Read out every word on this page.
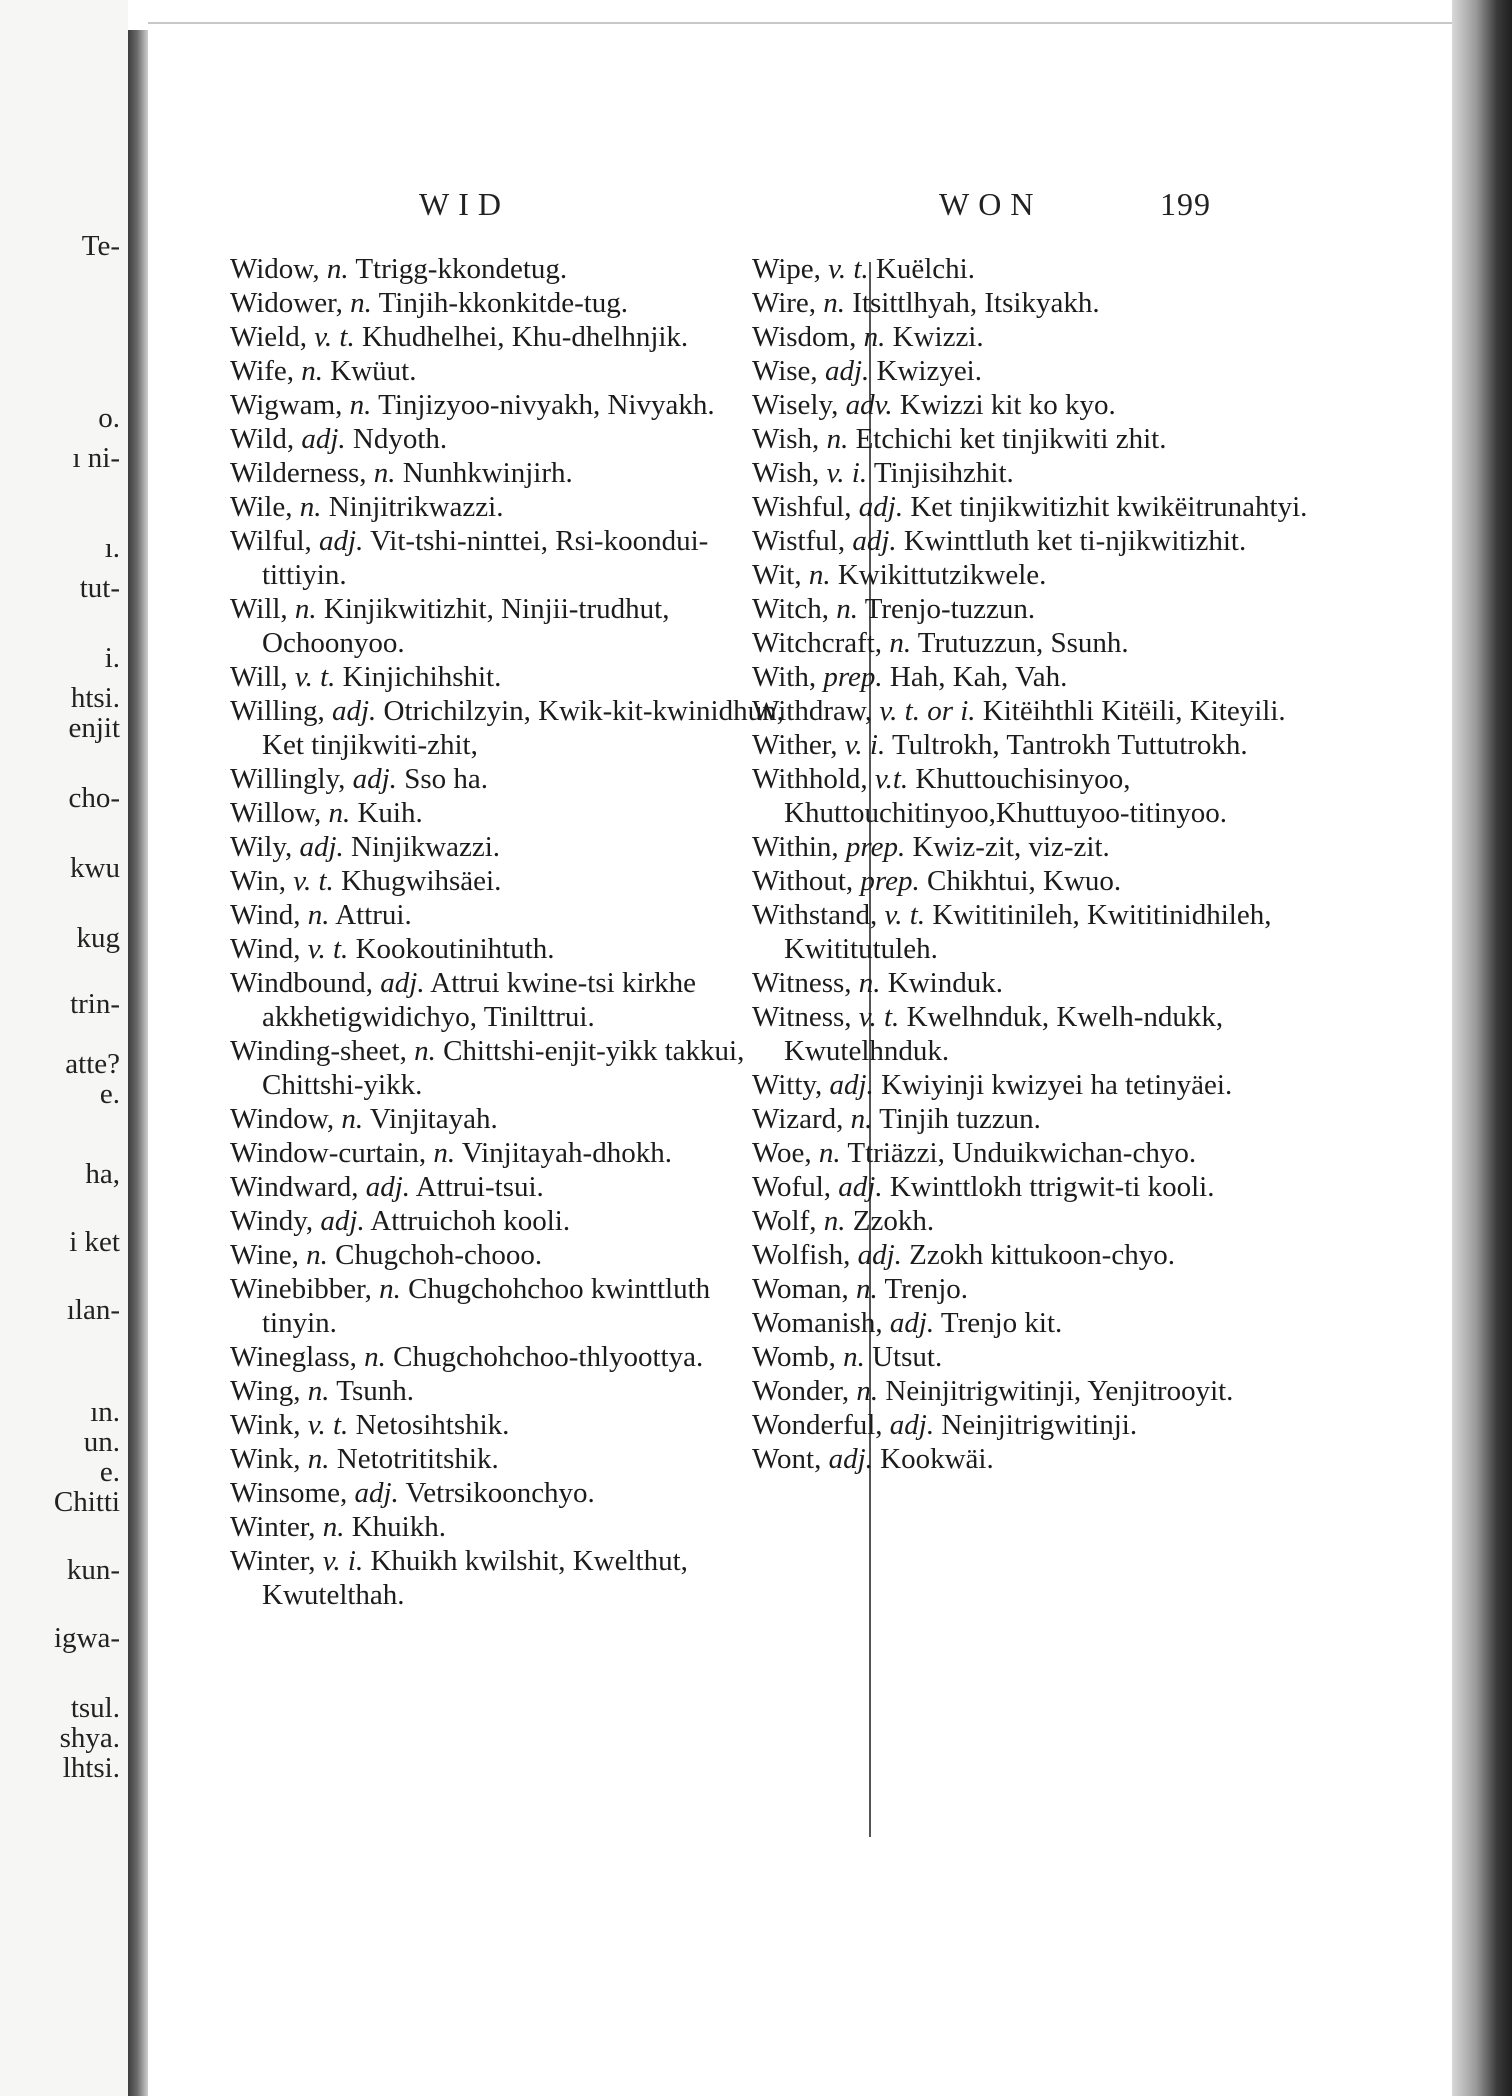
Te-
o.
ı ni-
ı.
tut-
i.
htsi.
enjit
cho-
kwu
kug
trin-
atte?
e.
ha,
i ket
ılan-
ın.
un.
e.
Chitti
kun-
igwa-
tsul.
shya.
lhtsi.
WID	WON	199

Widow, n. Ttrigg-kkondetug.

Widower, n. Tinjih-kkonkitde-tug.

Wield, v. t. Khudhelhei, Khu-dhelhnjik.

Wife, n. Kwüut.

Wigwam, n. Tinjizyoo-nivyakh, Nivyakh.

Wild, adj. Ndyoth.

Wilderness, n. Nunhkwinjirh.

Wile, n. Ninjitrikwazzi.

Wilful, adj. Vit-tshi-ninttei, Rsi-koondui-tittiyin.

Will, n. Kinjikwitizhit, Ninjii-trudhut, Ochoonyoo.

Will, v. t. Kinjichihshit.

Willing, adj. Otrichilzyin, Kwik-kit-kwinidhun, Ket tinjikwiti-zhit,

Willingly, adj. Sso ha.

Willow, n. Kuih.

Wily, adj. Ninjikwazzi.

Win, v. t. Khugwihsäei.

Wind, n. Attrui.

Wind, v. t. Kookoutinihtuth.

Windbound, adj. Attrui kwine-tsi kirkhe akkhetigwidichyo, Tinilttrui.

Winding-sheet, n. Chittshi-enjit-yikk takkui, Chittshi-yikk.

Window, n. Vinjitayah.

Window-curtain, n. Vinjitayah-dhokh.

Windward, adj. Attrui-tsui.

Windy, adj. Attruichoh kooli.

Wine, n. Chugchoh-chooo.

Winebibber, n. Chugchohchoo kwinttluth tinyin.

Wineglass, n. Chugchohchoo-thlyoottya.

Wing, n. Tsunh.

Wink, v. t. Netosihtshik.

Wink, n. Netotrititshik.

Winsome, adj. Vetrsikoonchyo.

Winter, n. Khuikh.

Winter, v. i. Khuikh kwilshit, Kwelthut, Kwutelthah.

Wipe, v. t. Kuëlchi.

Wire, n. Itsittlhyah, Itsikyakh.

Wisdom, n. Kwizzi.

Wise, adj. Kwizyei.

Wisely, adv. Kwizzi kit ko kyo.

Wish, n. Etchichi ket tinjikwiti zhit.

Wish, v. i. Tinjisihzhit.

Wishful, adj. Ket tinjikwitizhit kwikëitrunahtyi.

Wistful, adj. Kwinttluth ket ti-njikwitizhit.

Wit, n. Kwikittutzikwele.

Witch, n. Trenjo-tuzzun.

Witchcraft, n. Trutuzzun, Ssunh.

With, prep. Hah, Kah, Vah.

Withdraw, v. t. or i. Kitëihthli Kitëili, Kiteyili.

Wither, v. i. Tultrokh, Tantrokh Tuttutrokh.

Withhold, v.t. Khuttouchisinyoo, Khuttouchitinyoo,Khuttuyoo-titinyoo.

Within, prep. Kwiz-zit, viz-zit.

Without, prep. Chikhtui, Kwuo.

Withstand, v. t. Kwititinileh, Kwititinidhileh, Kwititutuleh.

Witness, n. Kwinduk.

Witness, v. t. Kwelhnduk, Kwelh-ndukk, Kwutelhnduk.

Witty, adj. Kwiyinji kwizyei ha tetinyäei.

Wizard, n. Tinjih tuzzun.

Woe, n. Ttriäzzi, Unduikwichan-chyo.

Woful, adj. Kwinttlokh ttrigwit-ti kooli.

Wolf, n. Zzokh.

Wolfish, adj. Zzokh kittukoon-chyo.

Woman, n. Trenjo.

Womanish, adj. Trenjo kit.

Womb, n. Utsut.

Wonder, n. Neinjitrigwitinji, Yenjitrooyit.

Wonderful, adj. Neinjitrigwitinji.

Wont, adj. Kookwäi.
